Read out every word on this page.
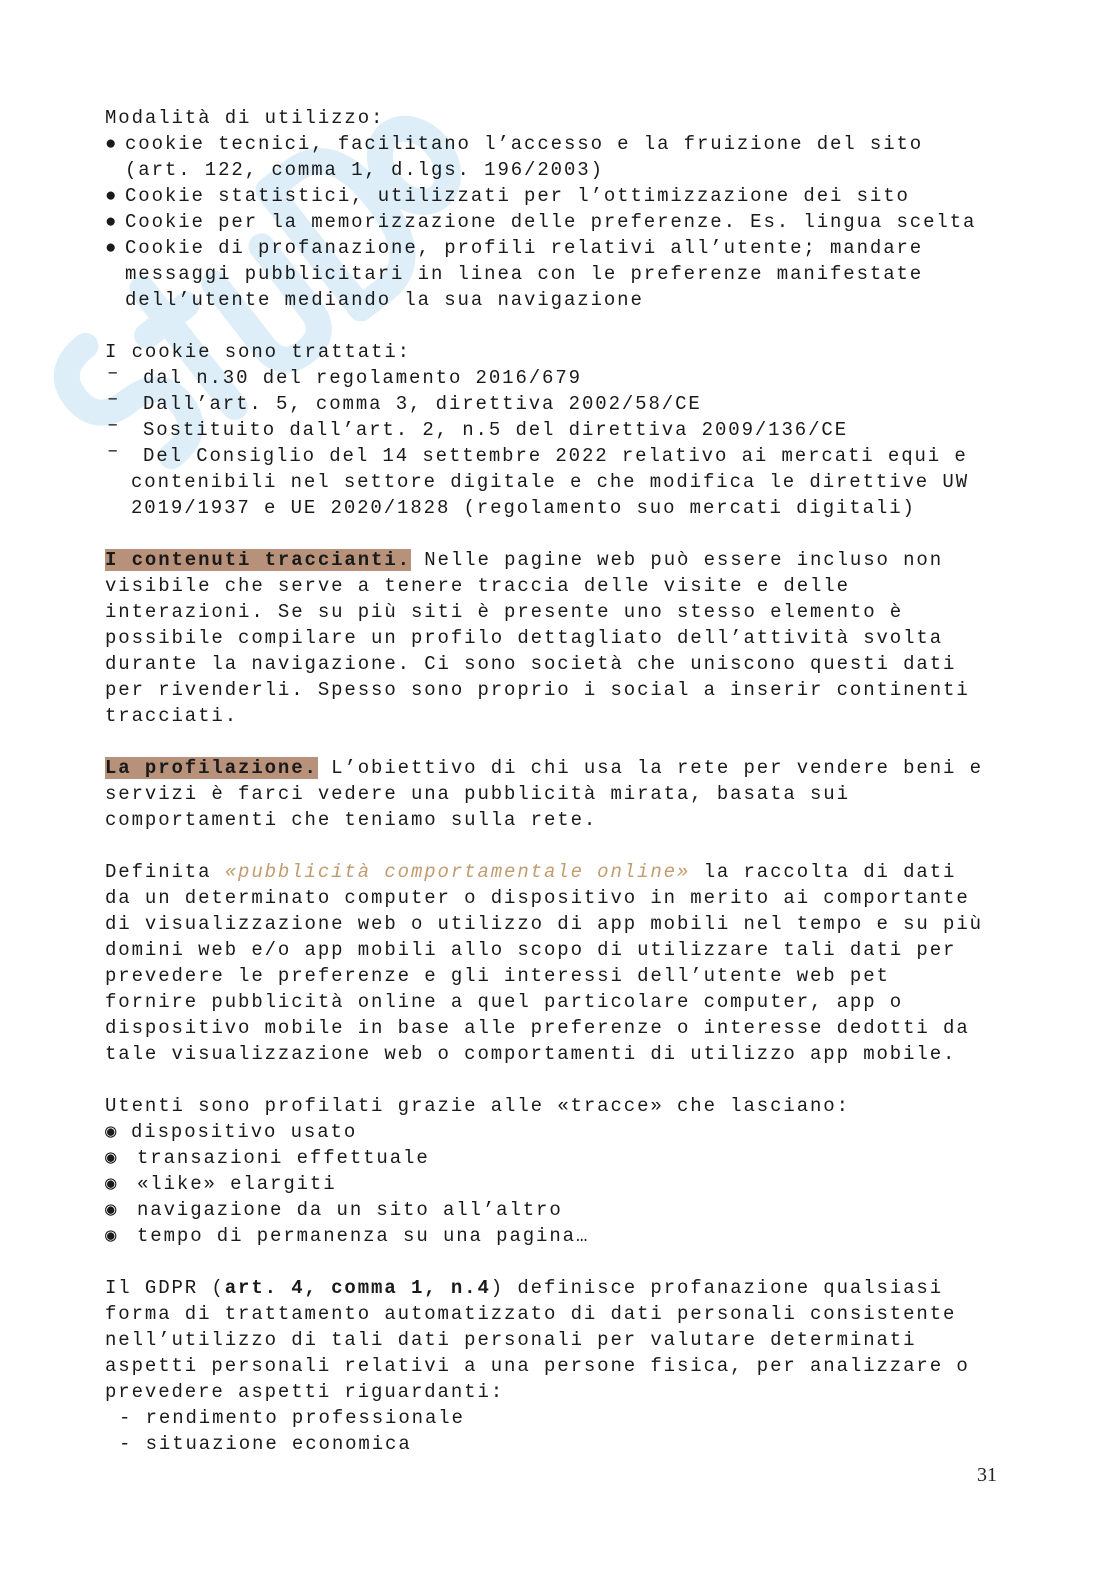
Modalità di utilizzo:
● cookie tecnici, facilitano l’accesso e la fruizione del sito
(art. 122, comma 1, d.lgs. 196/2003)
● Cookie statistici, utilizzati per l’ottimizzazione dei sito
● Cookie per la memorizzazione delle preferenze. Es. lingua scelta
● Cookie di profanazione, profili relativi all’utente; mandare
messaggi pubblicitari in linea con le preferenze manifestate
dell’utente mediando la sua navigazione
I cookie sono trattati:
– dal n.30 del regolamento 2016/679
– Dall’art. 5, comma 3, direttiva 2002/58/CE
– Sostituito dall’art. 2, n.5 del direttiva 2009/136/CE
– Del Consiglio del 14 settembre 2022 relativo ai mercati equi e
contenibili nel settore digitale e che modifica le direttive UW
2019/1937 e UE 2020/1828 (regolamento suo mercati digitali)
I contenuti traccianti. Nelle pagine web può essere incluso non
visibile che serve a tenere traccia delle visite e delle
interazioni. Se su più siti è presente uno stesso elemento è
possibile compilare un profilo dettagliato dell’attività svolta
durante la navigazione. Ci sono società che uniscono questi dati
per rivenderli. Spesso sono proprio i social a inserir continenti
tracciati.
La profilazione. L’obiettivo di chi usa la rete per vendere beni e
servizi è farci vedere una pubblicità mirata, basata sui
comportamenti che teniamo sulla rete.
Definita «pubblicità comportamentale online» la raccolta di dati
da un determinato computer o dispositivo in merito ai comportante
di visualizzazione web o utilizzo di app mobili nel tempo e su più
domini web e/o app mobili allo scopo di utilizzare tali dati per
prevedere le preferenze e gli interessi dell’utente web pet
fornire pubblicità online a quel particolare computer, app o
dispositivo mobile in base alle preferenze o interesse dedotti da
tale visualizzazione web o comportamenti di utilizzo app mobile.
Utenti sono profilati grazie alle «tracce» che lasciano:
◉ dispositivo usato
◉ transazioni effettuale
◉ «like» elargiti
◉ navigazione da un sito all’altro
◉ tempo di permanenza su una pagina…
Il GDPR (art. 4, comma 1, n.4) definisce profanazione qualsiasi
forma di trattamento automatizzato di dati personali consistente
nell’utilizzo di tali dati personali per valutare determinati
aspetti personali relativi a una persone fisica, per analizzare o
prevedere aspetti riguardanti:
- rendimento professionale
- situazione economica
31
